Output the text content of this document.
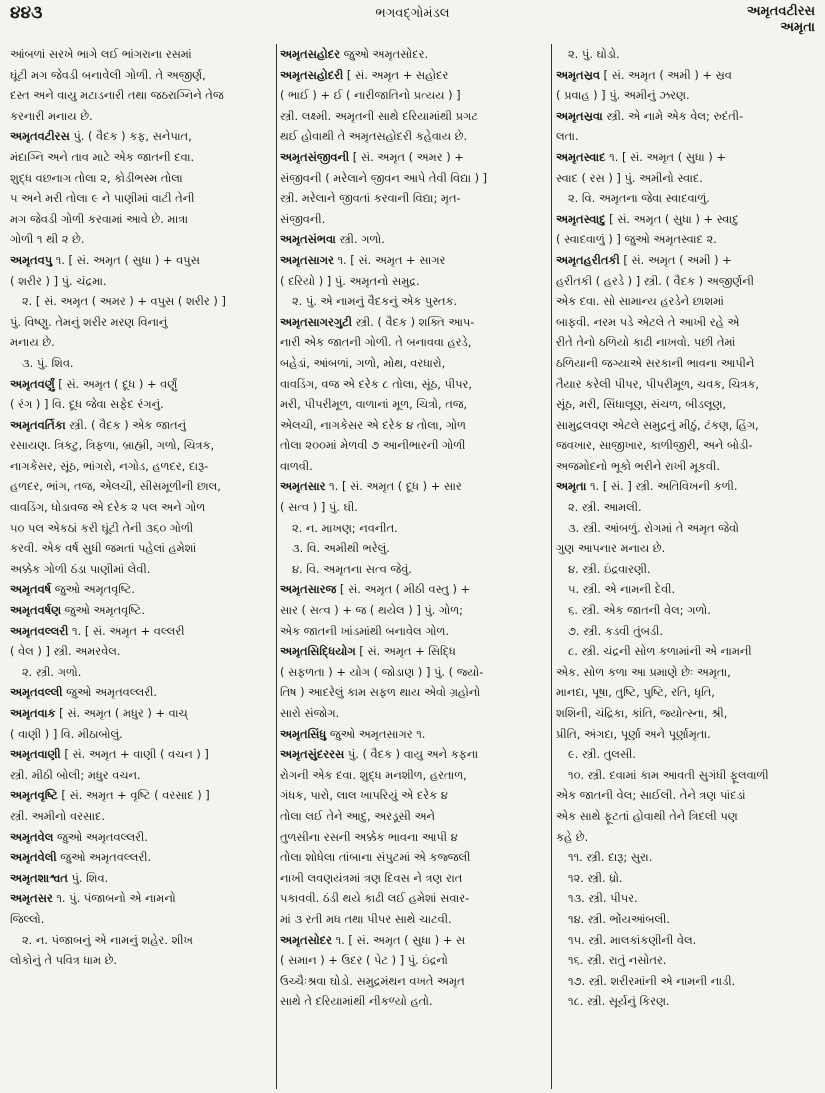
૪૪૩	ભગવદ્ગોમંડલ	અમૃતવટીરસ
અમૃતા
આંબળાં સરખે ભાગે લઈ ભાંગરાના રસમાં
ઘૂંટી મગ જેવડી બનાવેલી ગોળી. તે અજીર્ણ,
દસ્ત અને વાયુ મટાડનારી તથા જઠરાગ્નિને તેજ
કરનારી મનાય છે.
અમૃતવટીરસ પું. ( વૈદક ) કફ, સનેપાત,
મંદાગ્નિ અને તાવ માટે એક જાતની દવા.
શુદ્ધ વછનાગ તોલા ૨, કોડીભસ્મ તોલા
૫ અને મરી તોલા ૯ ને પાણીમાં વાટી તેની
મગ જેવડી ગોળી કરવામાં આવે છે. માત્રા
ગોળી ૧ થી ૨ છે.
અમૃતવપુ ૧. [ સં. અમૃત ( સુધા ) + વપુસ
( શરીર ) ] પું. ચંદ્રમા.
૨. [ સં. અમૃત ( અમર ) + વપુસ ( શરીર ) ]
પું. વિષ્ણુ. તેમનું શરીર મરણ વિનાનું
મનાય છે.
૩. પું. શિવ.
અમૃતવર્ણું [ સં. અમૃત ( દૂધ ) + વર્ણું
( રંગ ) ] વિ. દૂધ જેવા સફેદ રંગનું.
અમૃતવર્તિકા સ્ત્રી. ( વૈદક ) એક જાતનું
રસાયણ. ત્રિકટુ, ત્રિફળા, બ્રાહ્મી, ગળો, ચિત્રક,
નાગકેસર, સૂંઠ, ભાંગરો, નગોડ, હળદર, દારૂ-
હળદર, ભાંગ, તજ, એલચી, સીસમૂળીની છાલ,
વાવડિંગ, ધોડાવજ એ દરેક ૨ પલ અને ગોળ
૫૦ પલ એકઠાં કરી ઘૂંટી તેની ૩૬૦ ગોળી
કરવી. એક વર્ષ સુધી જમતાં પહેલાં હમેશાં
અક્કેક ગોળી ઠંડા પાણીમાં લેવી.
અમૃતવર્ષ જુઓ અમૃતવૃષ્ટિ.
અમૃતવર્ષણ જુઓ અમૃતવૃષ્ટિ.
અમૃતવલ્લરી ૧. [ સં. અમૃત + વલ્લરી
( વેલ ) ] સ્ત્રી. અમરવેલ.
૨. સ્ત્રી. ગળો.
અમૃતવલ્લી જુઓ અમૃતવલ્લરી.
અમૃતવાક [ સં. અમૃત ( મધુર ) + વાચ્
( વાણી ) ] વિ. મીઠાબોલું.
અમૃતવાણી [ સં. અમૃત + વાણી ( વચન ) ]
સ્ત્રી. મીઠી બોલી; મધુર વચન.
અમૃતવૃષ્ટિ [ સં. અમૃત + વૃષ્ટિ ( વરસાદ ) ]
સ્ત્રી. અમીનો વરસાદ.
અમૃતવેલ જુઓ અમૃતવલ્લરી.
અમૃતવેલી જુઓ અમૃતવલ્લરી.
અમૃતશાશ્વત પું. શિવ.
અમૃતસર ૧. પું. પંજાબનો એ નામનો
જિલ્લો.
૨. ન. પંજાબનું એ નામનું શહેર. શીખ
લોકોનું તે પવિત્ર ધામ છે.
અમૃતસહોદર જુઓ અમૃતસોદર.
અમૃતસહોદરી [ સં. અમૃત + સહોદર
( ભાઈ ) + ઈ ( નારીજાતિનો પ્રત્યય ) ]
સ્ત્રી. લક્ષ્મી. અમૃતની સાથે દરિયામાંથી પ્રગટ
થઈ હોવાથી તે અમૃતસહોદરી કહેવાય છે.
અમૃતસંજીવની [ સં. અમૃત ( અમર ) +
સંજીવની ( મરેલાને જીવન આપે તેવી વિદ્યા ) ]
સ્ત્રી. મરેલાને જીવતાં કરવાની વિદ્યા; મૃત-
સંજીવની.
અમૃતસંભવા સ્ત્રી. ગળો.
અમૃતસાગર ૧. [ સં. અમૃત + સાગર
( દરિયો ) ] પું. અમૃતનો સમુદ્ર.
૨. પું. એ નામનું વૈદકનું એક પુસ્તક.
અમૃતસાગરગુટી સ્ત્રી. ( વૈદક ) શક્તિ આપ-
નારી એક જાતની ગોળી. તે બનાવવા હરડે,
બહેડાં, આંબળાં, ગળો, મોથ, વરધારો,
વાવડિંગ, વજ એ દરેક ૮ તોલા, સૂંઠ, પીપર,
મરી, પીપરીમૂળ, વાળાનાં મૂળ, ચિત્રો, તજ,
એલચી, નાગકેસર એ દરેક ૪ તોલા, ગોળ
તોલા ૨૦૦માં મેળવી ૭ આનીભારની ગોળી
વાળવી.
અમૃતસાર ૧. [ સં. અમૃત ( દૂધ ) + સાર
( સત્વ ) ] પું. ઘી.
૨. ન. માખણ; નવનીત.
૩. વિ. અમીથી ભરેલું.
૪. વિ. અમૃતના સત્વ જેવું.
અમૃતસારજ [ સં. અમૃત ( મીઠી વસ્તુ ) +
સાર ( સત્વ ) + જ ( થયેલ ) ] પું. ગોળ;
એક જાતની ખાંડમાંથી બનાવેલ ગોળ.
અમૃતસિદ્ધિયોગ [ સં. અમૃત + સિદ્ધિ
( સફળતા ) + યોગ ( જોડાણ ) ] પું. ( જ્યો-
તિષ ) આદરેલું કામ સફળ થાય એવો ગ્રહોનો
સારો સંજોગ.
અમૃતસિંધુ જુઓ અમૃતસાગર ૧.
અમૃતસુંદરરસ પું. ( વૈદક ) વાયુ અને કફના
રોગની એક દવા. શુદ્ધ મનશીળ, હરતાળ,
ગંધક, પારો, લાલ ખાપરિયું એ દરેક ૪
તોલા લઈ તેને આદુ, અરડૂસી અને
તુળસીના રસની અક્કેક ભાવના આપી ૪
તોલા શોધેલા તાંબાના સંપુટમાં એ કજ્જલી
નાખી લવણયંત્રમાં ત્રણ દિવસ ને ત્રણ રાત
પકાવવી. ઠંડી થયે કાઢી લઈ હમેશાં સવાર-
માં ૩ રતી મધ તથા પીપર સાથે ચાટવી.
અમૃતસોદર ૧. [ સં. અમૃત ( સુધા ) + સ
( સમાન ) + ઉદર ( પેટ ) ] પું. ઇંદ્રનો
ઉચ્ચૈઃશ્રવા ઘોડો. સમુદ્રમંથન વખતે અમૃત
સાથે તે દરિયામાંથી નીકળ્યો હતો.
૨. પું. ઘોડો.
અમૃતસ્રવ [ સં. અમૃત ( અમી ) + સ્રવ
( પ્રવાહ ) ] પું. અમીનું ઝરણ.
અમૃતસ્રવા સ્ત્રી. એ નામે એક વેલ; રુદંતી-
લતા.
અમૃતસ્વાદ ૧. [ સં. અમૃત ( સુધા ) +
સ્વાદ ( રસ ) ] પું. અમીનો સ્વાદ.
૨. વિ. અમૃતના જેવા સ્વાદવાળું.
અમૃતસ્વાદુ [ સં. અમૃત ( સુધા ) + સ્વાદુ
( સ્વાદવાળું ) ] જુઓ અમૃતસ્વાદ ૨.
અમૃતહરીતકી [ સં. અમૃત ( અમી ) +
હરીતકી ( હરડે ) ] સ્ત્રી. ( વૈદક ) અજીર્ણની
એક દવા. સો સામાન્ય હરડેને છાશમાં
બાફવી. નરમ પડે એટલે તે આખી રહે એ
રીતે તેનો ઠળિયો કાઢી નાખવો. પછી તેમાં
ઠળિયાની જગ્યાએ સરકાની ભાવના આપીને
તૈયાર કરેલી પીપર, પીપરીમૂળ, ચવક, ચિત્રક,
સૂંઠ, મરી, સિંધાલૂણ, સંચળ, બીડલૂણ,
સામુદ્રલવણ એટલે સમુદ્રનું મીઠું, ટંકણ, હિંગ,
જવખાર, સાજીખાર, કાળીજીરી, અને બોડી-
અજમોદનો ભૂકો ભરીને રાખી મૂકવી.
અમૃતા ૧. [ સં. ] સ્ત્રી. અતિવિખની કળી.
૨. સ્ત્રી. આમલી.
૩. સ્ત્રી. આંબળું. રોગમાં તે અમૃત જેવો
ગુણ આપનાર મનાય છે.
૪. સ્ત્રી. ઇંદ્રવારણી.
૫. સ્ત્રી. એ નામની દેવી.
૬. સ્ત્રી. એક જાતની વેલ; ગળો.
૭. સ્ત્રી. કડવી તુંબડી.
૮. સ્ત્રી. ચંદ્રની સોળ કળામાંની એ નામની
એક. સોળ કળા આ પ્રમાણે છેઃ અમૃતા,
માનદા, પૂષા, તુષ્ટિ, પુષ્ટિ, રતિ, ધૃતિ,
શશિની, ચંદ્રિકા, કાંતિ, જ્યોત્સ્ના, શ્રી,
પ્રીતિ, અંગદા, પૂર્ણા અને પૂર્ણામૃતા.
૯. સ્ત્રી. તુલસી.
૧૦. સ્ત્રી. દવામાં કામ આવતી સુગંધી ફૂલવાળી
એક જાતની વેલ; સાઈલી. તેને ત્રણ પાંદડાં
એક સાથે ફૂટતાં હોવાથી તેને ત્રિદલી પણ
કહે છે.
૧૧. સ્ત્રી. દારૂ; સુરા.
૧૨. સ્ત્રી. ધ્રો.
૧૩. સ્ત્રી. પીપર.
૧૪. સ્ત્રી. ભોંયઆંબલી.
૧૫. સ્ત્રી. માલકાંકણીની વેલ.
૧૬. સ્ત્રી. રાતું નસોતર.
૧૭. સ્ત્રી. શરીરમાંની એ નામની નાડી.
૧૮. સ્ત્રી. સૂર્યનું કિરણ.
